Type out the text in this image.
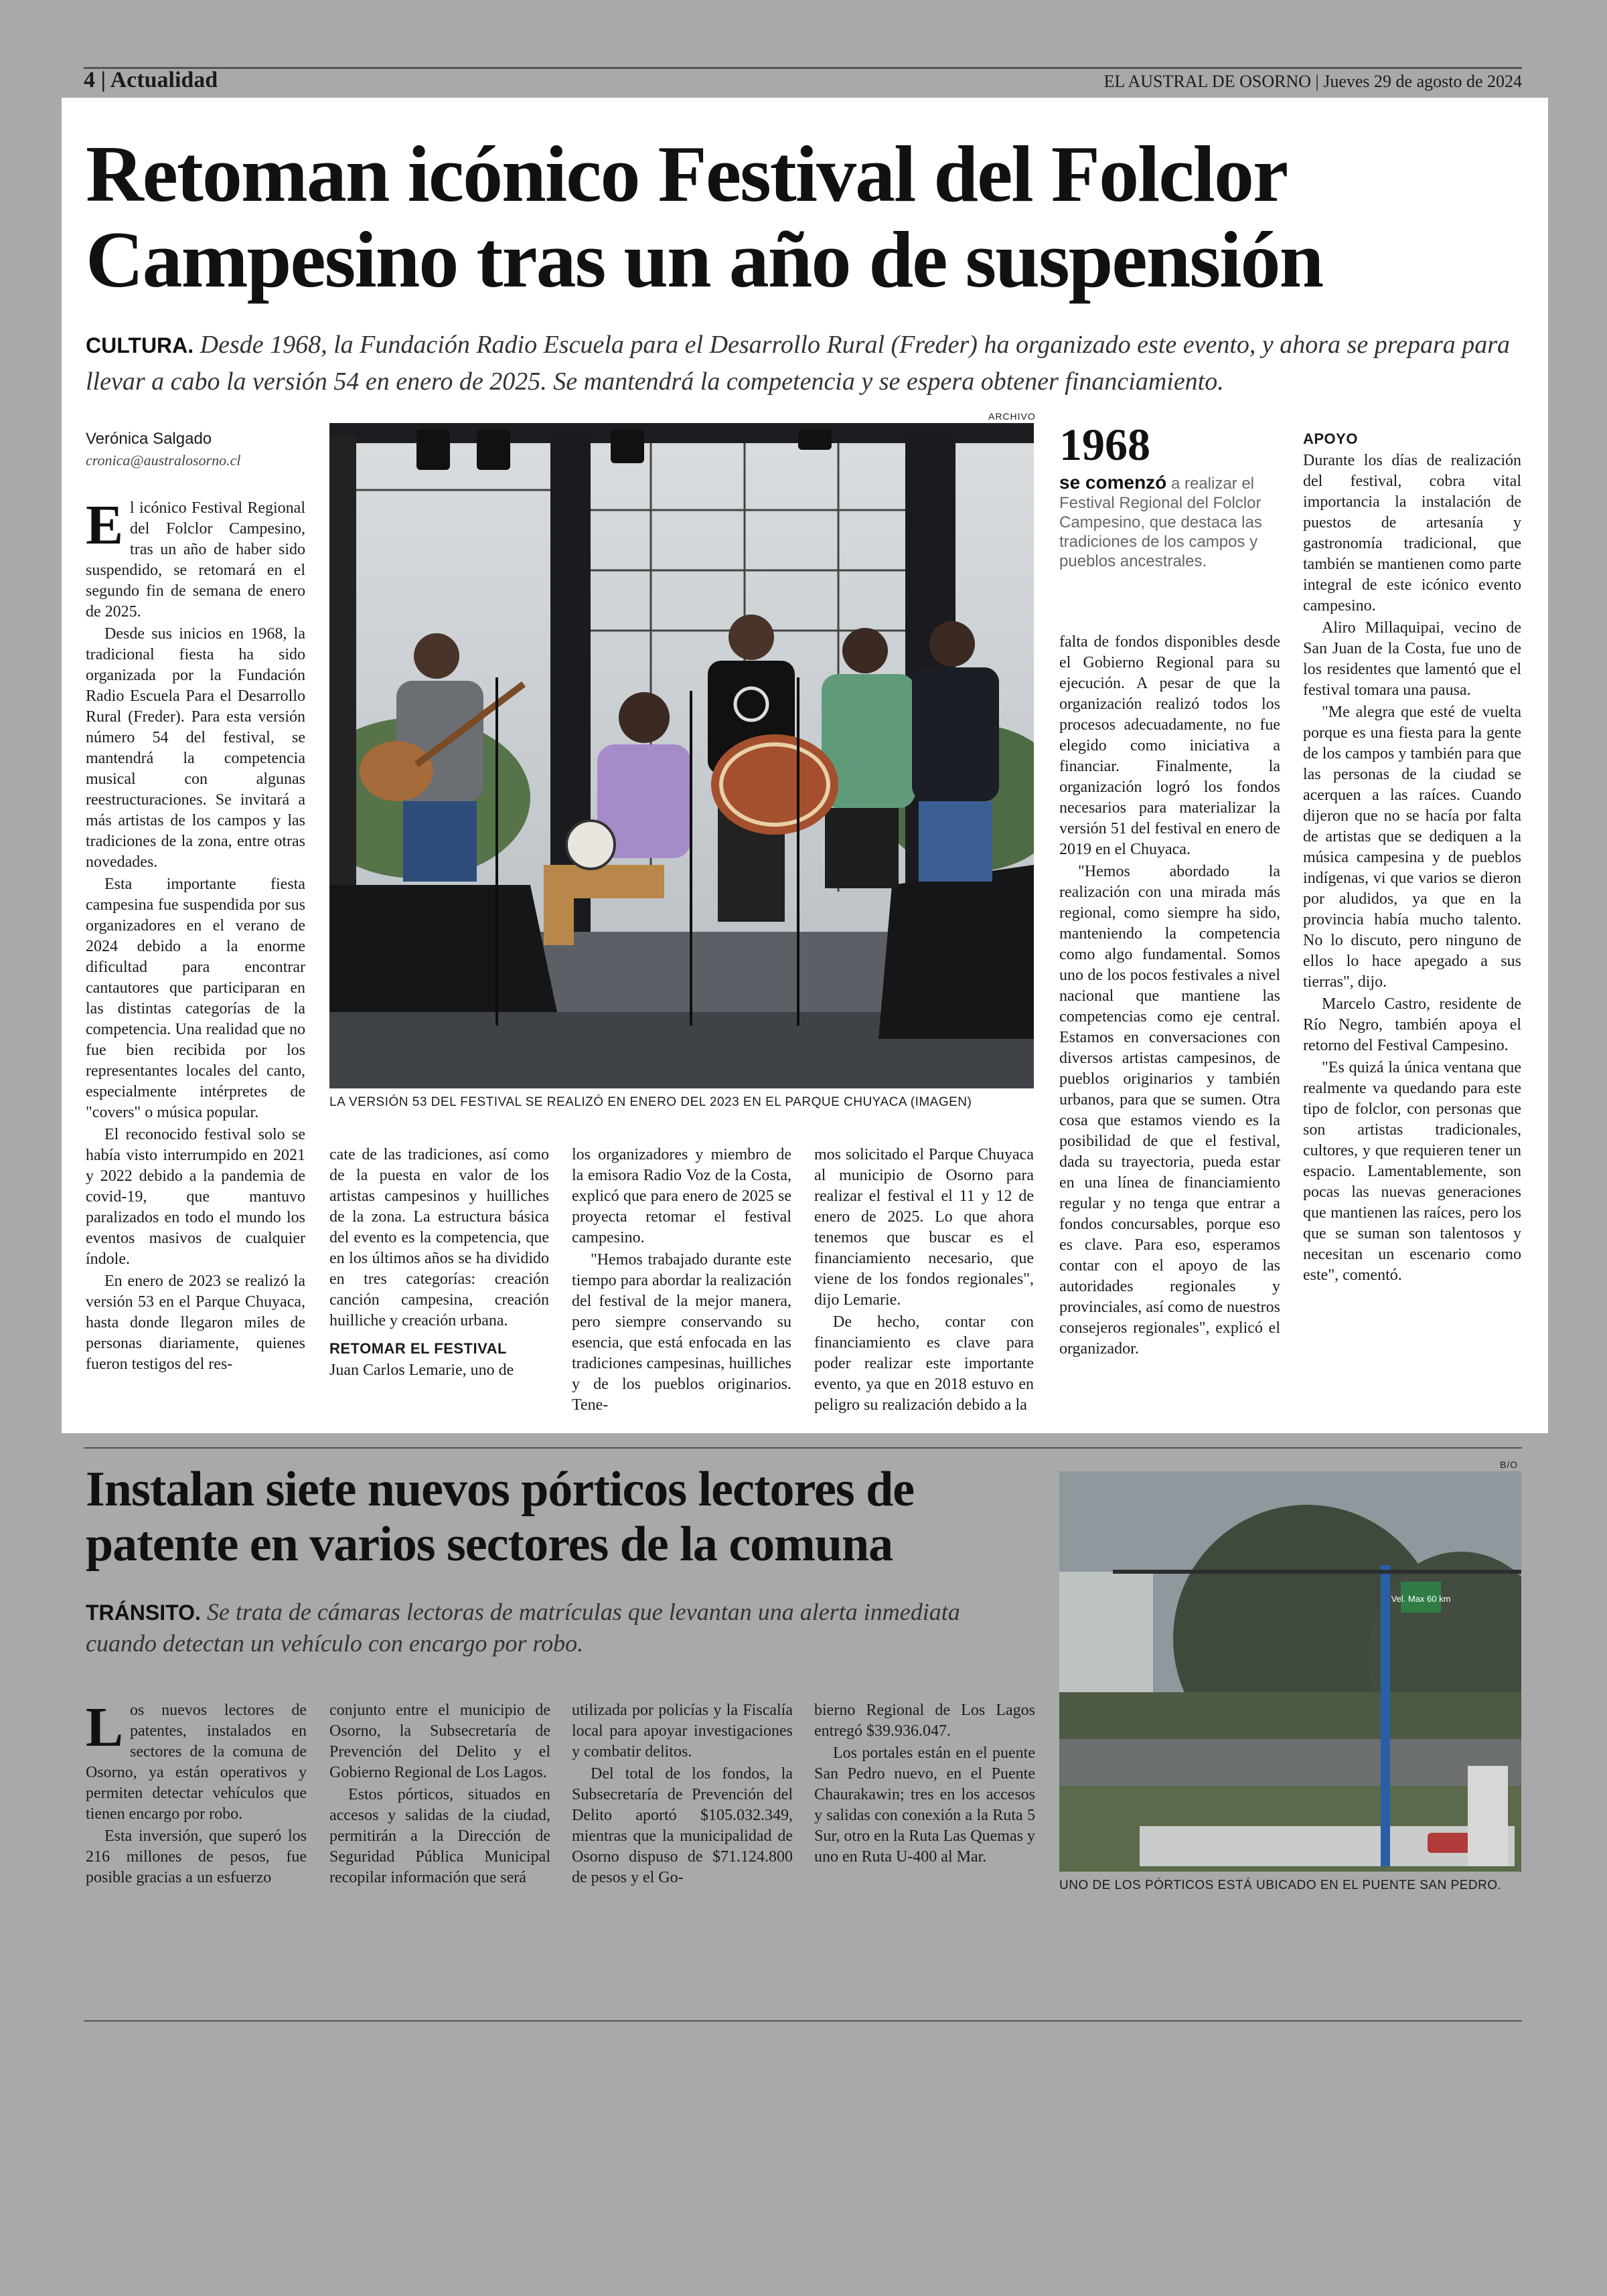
4 | Actualidad	EL AUSTRAL DE OSORNO | Jueves 29 de agosto de 2024
Retoman icónico Festival del Folclor Campesino tras un año de suspensión
CULTURA. Desde 1968, la Fundación Radio Escuela para el Desarrollo Rural (Freder) ha organizado este evento, y ahora se prepara para llevar a cabo la versión 54 en enero de 2025. Se mantendrá la competencia y se espera obtener financiamiento.
Verónica Salgado
cronica@australosorno.cl

El icónico Festival Regional del Folclor Campesino, tras un año de haber sido suspendido, se retomará en el segundo fin de semana de enero de 2025.

Desde sus inicios en 1968, la tradicional fiesta ha sido organizada por la Fundación Radio Escuela Para el Desarrollo Rural (Freder). Para esta versión número 54 del festival, se mantendrá la competencia musical con algunas reestructuraciones. Se invitará a más artistas de los campos y las tradiciones de la zona, entre otras novedades.

Esta importante fiesta campesina fue suspendida por sus organizadores en el verano de 2024 debido a la enorme dificultad para encontrar cantautores que participaran en las distintas categorías de la competencia. Una realidad que no fue bien recibida por los representantes locales del canto, especialmente intérpretes de "covers" o música popular.

El reconocido festival solo se había visto interrumpido en 2021 y 2022 debido a la pandemia de covid-19, que mantuvo paralizados en todo el mundo los eventos masivos de cualquier índole.

En enero de 2023 se realizó la versión 53 en el Parque Chuyaca, hasta donde llegaron miles de personas diariamente, quienes fueron testigos del res-

ARCHIVO
LA VERSIÓN 53 DEL FESTIVAL SE REALIZÓ EN ENERO DEL 2023 EN EL PARQUE CHUYACA (IMAGEN)

cate de las tradiciones, así como de la puesta en valor de los artistas campesinos y huilliches de la zona. La estructura básica del evento es la competencia, que en los últimos años se ha dividido en tres categorías: creación canción campesina, creación huilliche y creación urbana.

RETOMAR EL FESTIVAL

Juan Carlos Lemarie, uno de

los organizadores y miembro de la emisora Radio Voz de la Costa, explicó que para enero de 2025 se proyecta retomar el festival campesino.

"Hemos trabajado durante este tiempo para abordar la realización del festival de la mejor manera, pero siempre conservando su esencia, que está enfocada en las tradiciones campesinas, huilliches y de los pueblos originarios. Tene-

mos solicitado el Parque Chuyaca al municipio de Osorno para realizar el festival el 11 y 12 de enero de 2025. Lo que ahora tenemos que buscar es el financiamiento necesario, que viene de los fondos regionales", dijo Lemarie.

De hecho, contar con financiamiento es clave para poder realizar este importante evento, ya que en 2018 estuvo en peligro su realización debido a la

1968
se comenzó a realizar el Festival Regional del Folclor Campesino, que destaca las tradiciones de los campos y pueblos ancestrales.

falta de fondos disponibles desde el Gobierno Regional para su ejecución. A pesar de que la organización realizó todos los procesos adecuadamente, no fue elegido como iniciativa a financiar. Finalmente, la organización logró los fondos necesarios para materializar la versión 51 del festival en enero de 2019 en el Chuyaca.

"Hemos abordado la realización con una mirada más regional, como siempre ha sido, manteniendo la competencia como algo fundamental. Somos uno de los pocos festivales a nivel nacional que mantiene las competencias como eje central. Estamos en conversaciones con diversos artistas campesinos, de pueblos originarios y también urbanos, para que se sumen. Otra cosa que estamos viendo es la posibilidad de que el festival, dada su trayectoria, pueda estar en una línea de financiamiento regular y no tenga que entrar a fondos concursables, porque eso es clave. Para eso, esperamos contar con el apoyo de las autoridades regionales y provinciales, así como de nuestros consejeros regionales", explicó el organizador.

APOYO

Durante los días de realización del festival, cobra vital importancia la instalación de puestos de artesanía y gastronomía tradicional, que también se mantienen como parte integral de este icónico evento campesino.

Aliro Millaquipai, vecino de San Juan de la Costa, fue uno de los residentes que lamentó que el festival tomara una pausa.

"Me alegra que esté de vuelta porque es una fiesta para la gente de los campos y también para que las personas de la ciudad se acerquen a las raíces. Cuando dijeron que no se hacía por falta de artistas que se dediquen a la música campesina y de pueblos indígenas, vi que varios se dieron por aludidos, ya que en la provincia había mucho talento. No lo discuto, pero ninguno de ellos lo hace apegado a sus tierras", dijo.

Marcelo Castro, residente de Río Negro, también apoya el retorno del Festival Campesino.

"Es quizá la única ventana que realmente va quedando para este tipo de folclor, con personas que son artistas tradicionales, cultores, y que requieren tener un espacio. Lamentablemente, son pocas las nuevas generaciones que mantienen las raíces, pero los que se suman son talentosos y necesitan un escenario como este", comentó.

Instalan siete nuevos pórticos lectores de patente en varios sectores de la comuna
TRÁNSITO. Se trata de cámaras lectoras de matrículas que levantan una alerta inmediata cuando detectan un vehículo con encargo por robo.

Los nuevos lectores de patentes, instalados en sectores de la comuna de Osorno, ya están operativos y permiten detectar vehículos que tienen encargo por robo.

Esta inversión, que superó los 216 millones de pesos, fue posible gracias a un esfuerzo

conjunto entre el municipio de Osorno, la Subsecretaría de Prevención del Delito y el Gobierno Regional de Los Lagos.

Estos pórticos, situados en accesos y salidas de la ciudad, permitirán a la Dirección de Seguridad Pública Municipal recopilar información que será

utilizada por policías y la Fiscalía local para apoyar investigaciones y combatir delitos.

Del total de los fondos, la Subsecretaría de Prevención del Delito aportó $105.032.349, mientras que la municipalidad de Osorno dispuso de $71.124.800 de pesos y el Go-

bierno Regional de Los Lagos entregó $39.936.047.

Los portales están en el puente San Pedro nuevo, en el Puente Chaurakawin; tres en los accesos y salidas con conexión a la Ruta 5 Sur, otro en la Ruta Las Quemas y uno en Ruta U-400 al Mar.

B/O
Vel. Max 60 km
UNO DE LOS PÓRTICOS ESTÁ UBICADO EN EL PUENTE SAN PEDRO.
